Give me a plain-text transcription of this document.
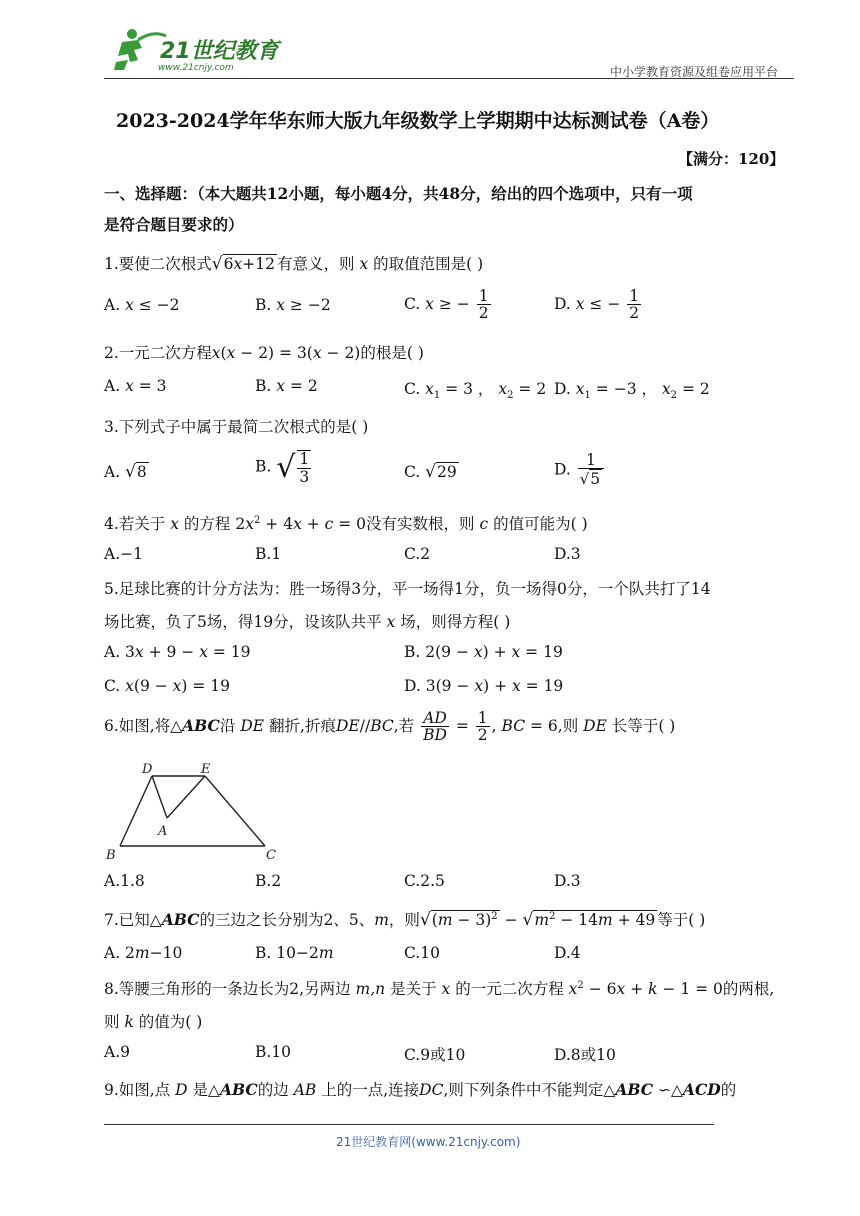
21世纪教育
www.21cnjy.com	中小学教育资源及组卷应用平台
2023-2024学年华东师大版九年级数学上学期期中达标测试卷（A卷）
【满分：120】
一、选择题：（本大题共12小题，每小题4分，共48分，给出的四个选项中，只有一项
是符合题目要求的）
1.要使二次根式√6x+12 有意义，则 x 的取值范围是( )
A. x ≤ −2	B. x ≥ −2	C. x ≥ − $\frac{1}{2}$	D. x ≤ − $\frac{1}{2}$
2.一元二次方程x(x − 2) = 3(x − 2)的根是( )
A. x = 3	B. x = 2	C. $x_1 = 3$ ， $x_2 = 2$ D. $x_1 = -3$ ， $x_2 = 2$
3.下列式子中属于最简二次根式的是( )
A. √8	B. √ $\frac{1}{3}$	C. √29	D. $\frac{1}{√5}$
4.若关于 x 的方程 $2x^2 + 4x + c = 0$没有实数根，则 c 的值可能为( )
A.−1	B.1	C.2	D.3
5.足球比赛的计分方法为：胜一场得3分，平一场得1分，负一场得0分，一个队共打了14
场比赛，负了5场，得19分，设该队共平 x 场，则得方程( )
A. 3x + 9 − x = 19	B. 2(9 − x) + x = 19
C. x(9 − x) = 19	D. 3(9 − x) + x = 19
6.如图,将△ABC沿 DE 翻折,折痕DE//BC,若 $\frac{AD}{BD} = \frac{1}{2}$ , BC = 6,则 DE 长等于( )
D	E
A
B	C
A.1.8	B.2	C.2.5	D.3
7.已知△ABC的三边之长分别为2、5、m，则$√(m - 3)^2 - √m^2 - 14m + 49$ 等于( )
A. 2m−10	B. 10−2m	C.10	D.4
8.等腰三角形的一条边长为2,另两边 m,n 是关于 x 的一元二次方程 $x^2 - 6x + k - 1 = 0$的两根,
则 k 的值为( )
A.9	B.10	C.9或10	D.8或10
9.如图,点 D 是△ABC的边 AB 上的一点,连接DC,则下列条件中不能判定△ABC ∽△ACD的
21世纪教育网(www.21cnjy.com)
